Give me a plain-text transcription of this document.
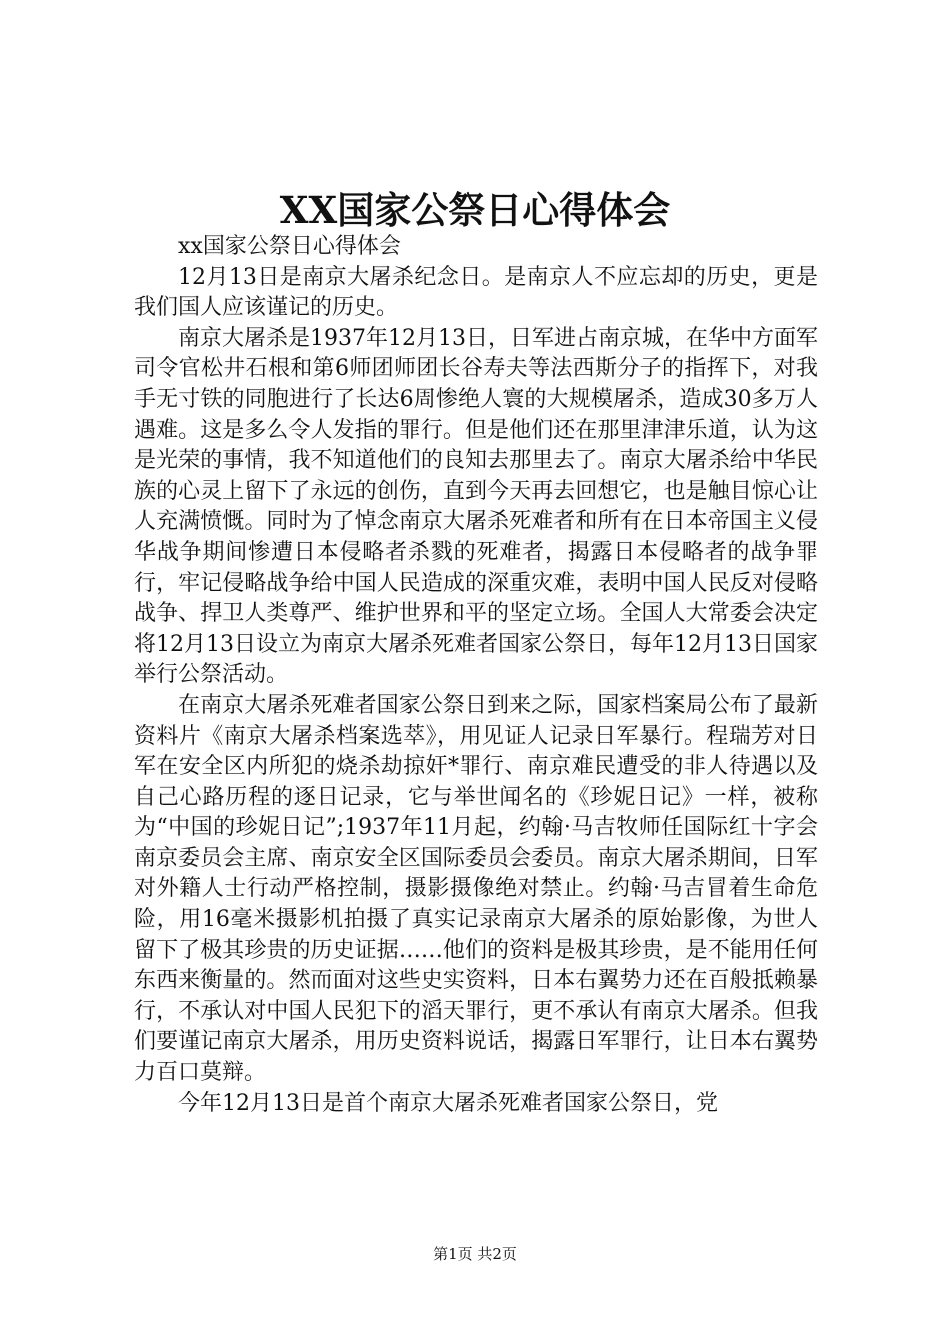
XX国家公祭日心得体会

xx国家公祭日心得体会

12月13日是南京大屠杀纪念日。是南京人不应忘却的历史，更是我们国人应该谨记的历史。

南京大屠杀是1937年12月13日，日军进占南京城，在华中方面军司令官松井石根和第6师团师团长谷寿夫等法西斯分子的指挥下，对我手无寸铁的同胞进行了长达6周惨绝人寰的大规模屠杀，造成30多万人遇难。这是多么令人发指的罪行。但是他们还在那里津津乐道，认为这是光荣的事情，我不知道他们的良知去那里去了。南京大屠杀给中华民族的心灵上留下了永远的创伤，直到今天再去回想它，也是触目惊心让人充满愤慨。同时为了悼念南京大屠杀死难者和所有在日本帝国主义侵华战争期间惨遭日本侵略者杀戮的死难者，揭露日本侵略者的战争罪行，牢记侵略战争给中国人民造成的深重灾难，表明中国人民反对侵略战争、捍卫人类尊严、维护世界和平的坚定立场。全国人大常委会决定将12月13日设立为南京大屠杀死难者国家公祭日，每年12月13日国家举行公祭活动。

在南京大屠杀死难者国家公祭日到来之际，国家档案局公布了最新资料片《南京大屠杀档案选萃》，用见证人记录日军暴行。程瑞芳对日军在安全区内所犯的烧杀劫掠奸*罪行、南京难民遭受的非人待遇以及自己心路历程的逐日记录，它与举世闻名的《珍妮日记》一样，被称为“中国的珍妮日记”;1937年11月起，约翰·马吉牧师任国际红十字会南京委员会主席、南京安全区国际委员会委员。南京大屠杀期间，日军对外籍人士行动严格控制，摄影摄像绝对禁止。约翰·马吉冒着生命危险，用16毫米摄影机拍摄了真实记录南京大屠杀的原始影像，为世人留下了极其珍贵的历史证据……他们的资料是极其珍贵，是不能用任何东西来衡量的。然而面对这些史实资料，日本右翼势力还在百般抵赖暴行，不承认对中国人民犯下的滔天罪行，更不承认有南京大屠杀。但我们要谨记南京大屠杀，用历史资料说话，揭露日军罪行，让日本右翼势力百口莫辩。

今年12月13日是首个南京大屠杀死难者国家公祭日，党

第1页 共2页
